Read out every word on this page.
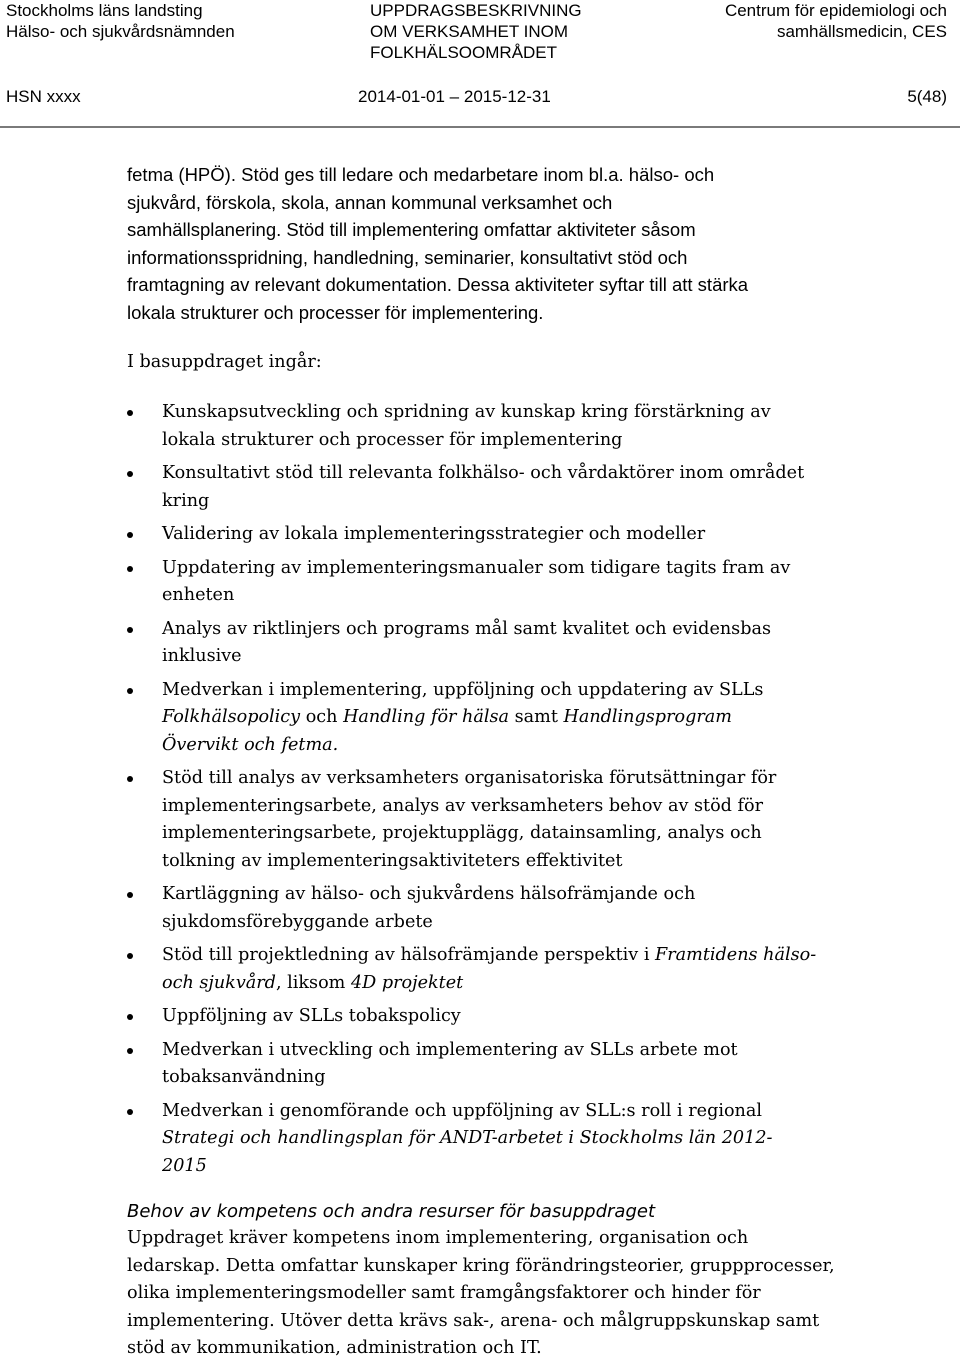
Stockholms läns landsting
Hälso- och sjukvårdsnämnden
UPPDRAGSBESKRIVNING
OM VERKSAMHET INOM
FOLKHÄLSOOMRÅDET
Centrum för epidemiologi och
samhällsmedicin, CES
HSN xxxx	2014-01-01 – 2015-12-31	5(48)
fetma (HPÖ). Stöd ges till ledare och medarbetare inom bl.a. hälso- och
sjukvård, förskola, skola, annan kommunal verksamhet och
samhällsplanering. Stöd till implementering omfattar aktiviteter såsom
informationsspridning, handledning, seminarier, konsultativt stöd och
framtagning av relevant dokumentation. Dessa aktiviteter syftar till att stärka
lokala strukturer och processer för implementering.
I basuppdraget ingår:
Kunskapsutveckling och spridning av kunskap kring förstärkning av
lokala strukturer och processer för implementering
Konsultativt stöd till relevanta folkhälso- och vårdaktörer inom området
kring
Validering av lokala implementeringsstrategier och modeller
Uppdatering av implementeringsmanualer som tidigare tagits fram av
enheten
Analys av riktlinjers och programs mål samt kvalitet och evidensbas
inklusive
Medverkan i implementering, uppföljning och uppdatering av SLLs
Folkhälsopolicy och Handling för hälsa samt Handlingsprogram
Övervikt och fetma.
Stöd till analys av verksamheters organisatoriska förutsättningar för
implementeringsarbete, analys av verksamheters behov av stöd för
implementeringsarbete, projektupplägg, datainsamling, analys och
tolkning av implementeringsaktiviteters effektivitet
Kartläggning av hälso- och sjukvårdens hälsofrämjande och
sjukdomsförebyggande arbete
Stöd till projektledning av hälsofrämjande perspektiv i Framtidens hälso-
och sjukvård, liksom 4D projektet
Uppföljning av SLLs tobakspolicy
Medverkan i utveckling och implementering av SLLs arbete mot
tobaksanvändning
Medverkan i genomförande och uppföljning av SLL:s roll i regional
Strategi och handlingsplan för ANDT-arbetet i Stockholms län 2012-
2015
Behov av kompetens och andra resurser för basuppdraget
Uppdraget kräver kompetens inom implementering, organisation och
ledarskap. Detta omfattar kunskaper kring förändringsteorier, gruppprocesser,
olika implementeringsmodeller samt framgångsfaktorer och hinder för
implementering. Utöver detta krävs sak-, arena- och målgruppskunskap samt
stöd av kommunikation, administration och IT.
